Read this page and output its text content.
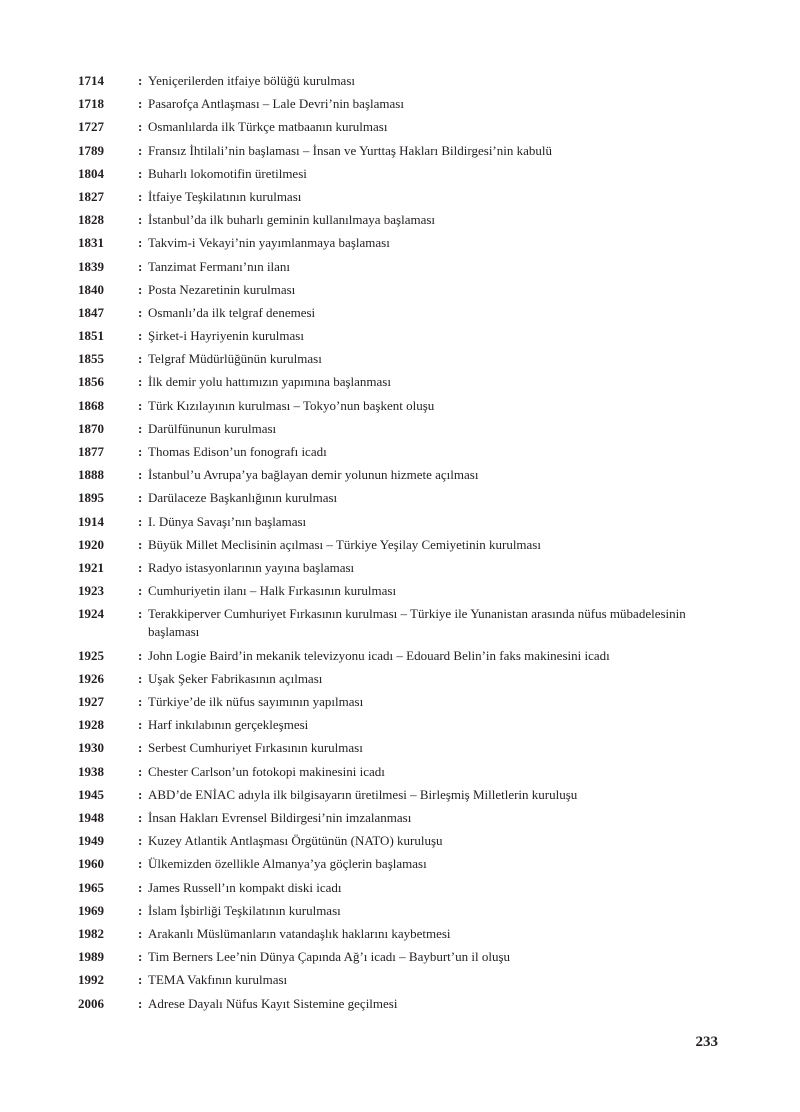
1714	: Yeniçerilerden itfaiye bölüğü kurulması
1718	: Pasarofça Antlaşması – Lale Devri’nin başlaması
1727	: Osmanlılarda ilk Türkçe matbaanın kurulması
1789	: Fransız İhtilali’nin başlaması – İnsan ve Yurttaş Hakları Bildirgesi’nin kabulü
1804	: Buharlı lokomotifin üretilmesi
1827	: İtfaiye Teşkilatının kurulması
1828	: İstanbul’da ilk buharlı geminin kullanılmaya başlaması
1831	: Takvim-i Vekayi’nin yayımlanmaya başlaması
1839	: Tanzimat Fermanı’nın ilanı
1840	: Posta Nezaretinin kurulması
1847	: Osmanlı’da ilk telgraf denemesi
1851	: Şirket-i Hayriyenin kurulması
1855	: Telgraf Müdürlüğünün kurulması
1856	: İlk demir yolu hattımızın yapımına başlanması
1868	: Türk Kızılayının kurulması – Tokyo’nun başkent oluşu
1870	: Darülfünunun kurulması
1877	: Thomas Edison’un fonografı icadı
1888	: İstanbul’u Avrupa’ya bağlayan demir yolunun hizmete açılması
1895	: Darülaceze Başkanlığının kurulması
1914	: I. Dünya Savaşı’nın başlaması
1920	: Büyük Millet Meclisinin açılması – Türkiye Yeşilay Cemiyetinin kurulması
1921	: Radyo istasyonlarının yayına başlaması
1923	: Cumhuriyetin ilanı – Halk Fırkasının kurulması
1924	: Terakkiperver Cumhuriyet Fırkasının kurulması – Türkiye ile Yunanistan arasında nüfus mübadelesinin başlaması
1925	: John Logie Baird’in mekanik televizyonu icadı – Edouard Belin’in faks makinesini icadı
1926	: Uşak Şeker Fabrikasının açılması
1927	: Türkiye’de ilk nüfus sayımının yapılması
1928	: Harf inkılabının gerçekleşmesi
1930	: Serbest Cumhuriyet Fırkasının kurulması
1938	: Chester Carlson’un fotokopi makinesini icadı
1945	: ABD’de ENİAC adıyla ilk bilgisayarın üretilmesi – Birleşmiş Milletlerin kuruluşu
1948	: İnsan Hakları Evrensel Bildirgesi’nin imzalanması
1949	: Kuzey Atlantik Antlaşması Örgütünün (NATO) kuruluşu
1960	: Ülkemizden özellikle Almanya’ya göçlerin başlaması
1965	: James Russell’ın kompakt diski icadı
1969	: İslam İşbirliği Teşkilatının kurulması
1982	: Arakanlı Müslümanların vatandaşlık haklarını kaybetmesi
1989	: Tim Berners Lee’nin Dünya Çapında Ağ’ı icadı – Bayburt’un il oluşu
1992	: TEMA Vakfının kurulması
2006	: Adrese Dayalı Nüfus Kayıt Sistemine geçilmesi
233
